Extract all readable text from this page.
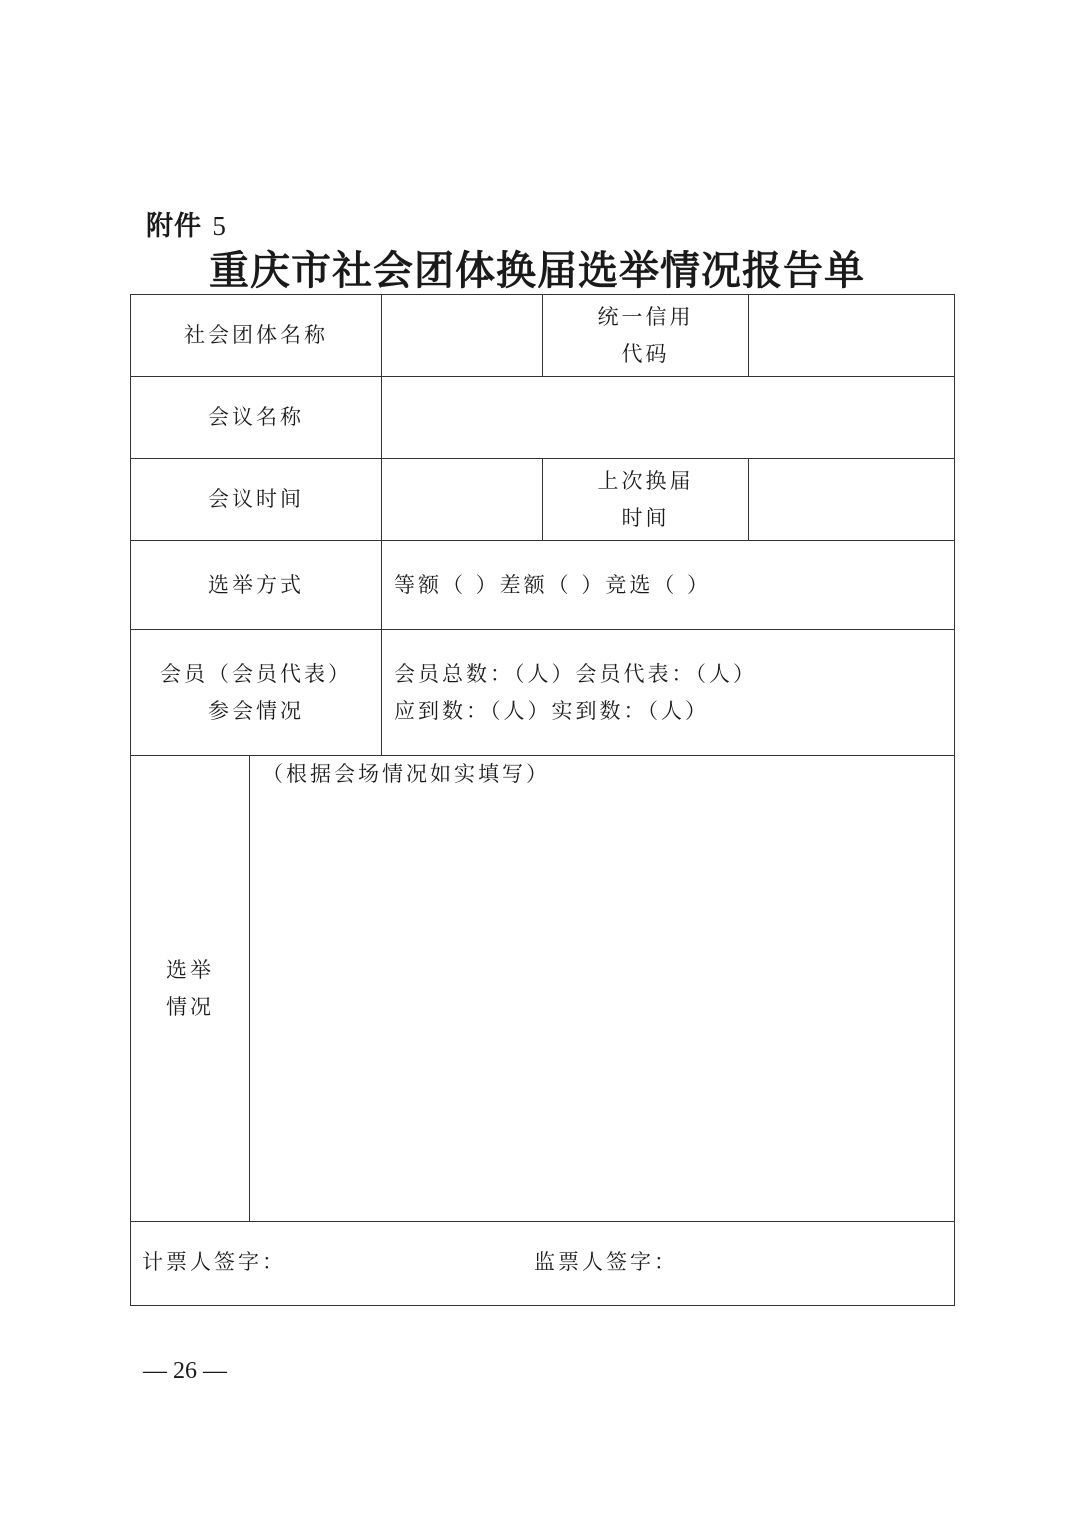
附件 5
重庆市社会团体换届选举情况报告单
社会团体名称
统一信用
代码
会议名称
会议时间
上次换届
时间
选举方式	等额（ ）差额（ ）竞选（ ）
会员（会员代表）
参会情况
会员总数：（人）会员代表：（人）
应到数：（人）实到数：（人）
选举
情况
（根据会场情况如实填写）
计票人签字：	监票人签字：
— 26 —
